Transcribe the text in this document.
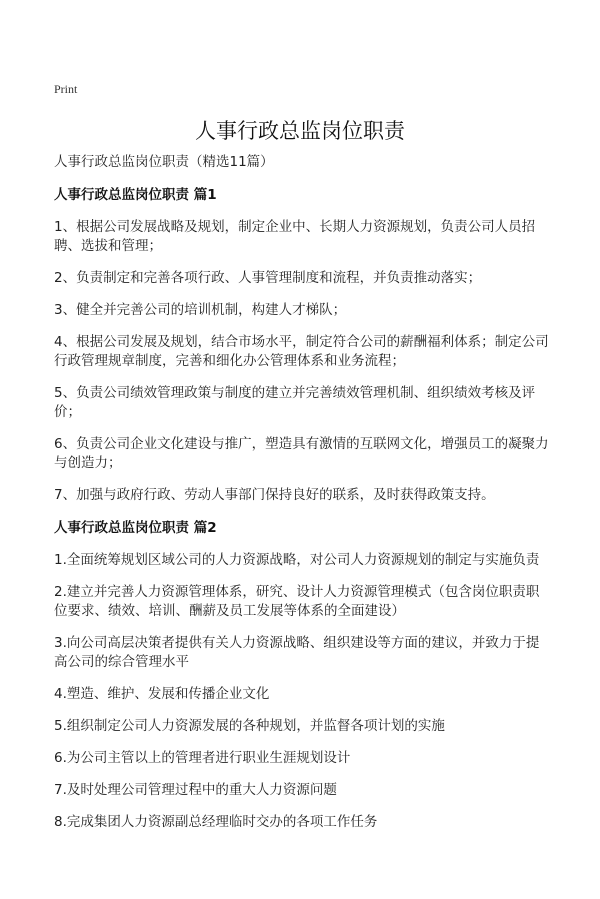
Print
人事行政总监岗位职责

人事行政总监岗位职责（精选11篇）

人事行政总监岗位职责 篇1

1、根据公司发展战略及规划，制定企业中、长期人力资源规划，负责公司人员招聘、选拔和管理；

2、负责制定和完善各项行政、人事管理制度和流程，并负责推动落实；

3、健全并完善公司的培训机制，构建人才梯队；

4、根据公司发展及规划，结合市场水平，制定符合公司的薪酬福利体系；制定公司行政管理规章制度，完善和细化办公管理体系和业务流程；

5、负责公司绩效管理政策与制度的建立并完善绩效管理机制、组织绩效考核及评价；

6、负责公司企业文化建设与推广，塑造具有激情的互联网文化，增强员工的凝聚力与创造力；

7、加强与政府行政、劳动人事部门保持良好的联系，及时获得政策支持。

人事行政总监岗位职责 篇2

1.全面统筹规划区域公司的人力资源战略，对公司人力资源规划的制定与实施负责

2.建立并完善人力资源管理体系，研究、设计人力资源管理模式（包含岗位职责职位要求、绩效、培训、酬薪及员工发展等体系的全面建设）

3.向公司高层决策者提供有关人力资源战略、组织建设等方面的建议，并致力于提高公司的综合管理水平

4.塑造、维护、发展和传播企业文化

5.组织制定公司人力资源发展的各种规划，并监督各项计划的实施

6.为公司主管以上的管理者进行职业生涯规划设计

7.及时处理公司管理过程中的重大人力资源问题

8.完成集团人力资源副总经理临时交办的各项工作任务
